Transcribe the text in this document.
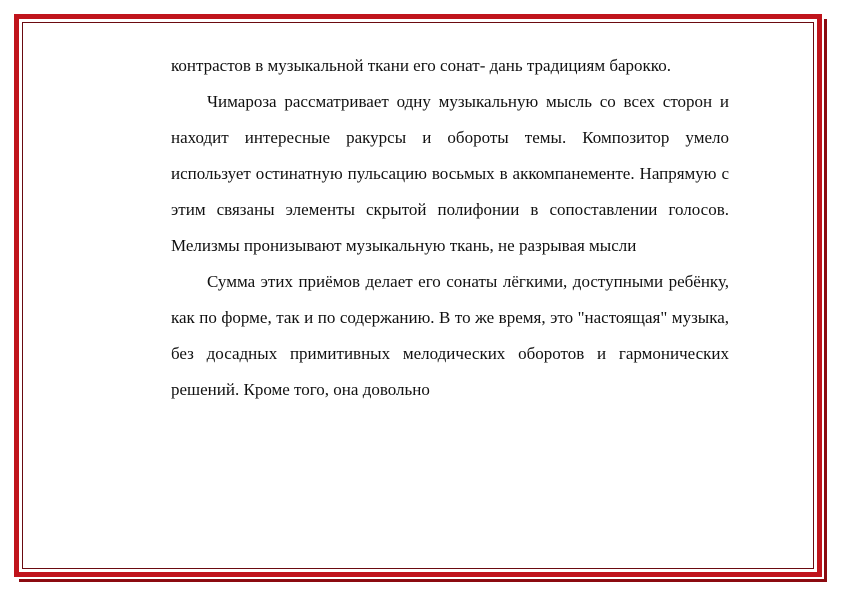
контрастов в музыкальной ткани его сонат- дань традициям барокко.

Чимароза рассматривает одну музыкальную мысль со всех сторон и находит интересные ракурсы и обороты темы. Композитор умело использует остинатную пульсацию восьмых в аккомпанементе. Напрямую с этим связаны элементы скрытой полифонии в сопоставлении голосов. Мелизмы пронизывают музыкальную ткань, не разрывая мысли

Сумма этих приёмов делает его сонаты лёгкими, доступными ребёнку, как по форме, так и по содержанию. В то же время, это "настоящая" музыка, без досадных примитивных мелодических оборотов и гармонических решений. Кроме того, она довольно
